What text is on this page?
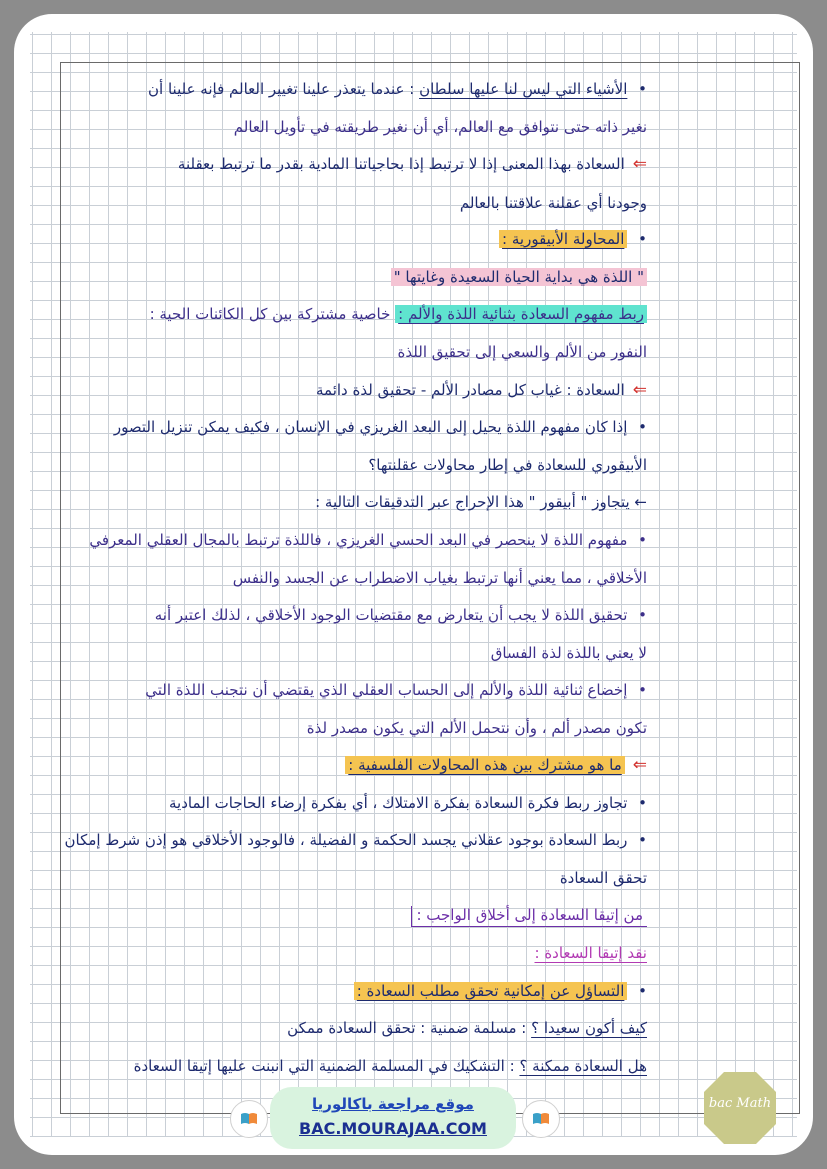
• الأشياء التي ليس لنا عليها سلطان : عندما يتعذر علينا تغيير العالم فإنه علينا أن
نغير ذاته حتى نتوافق مع العالم، أي أن نغير طريقته في تأويل العالم
⇐السعادة بهذا المعنى إذا لا ترتبط إذا بحاجياتنا المادية بقدر ما ترتبط بعقلنة
وجودنا أي عقلنة علاقتنا بالعالم
• المحاولة الأبيقورية :
" اللذة هي بداية الحياة السعيدة وغايتها "
ربط مفهوم السعادة بثنائية اللذة والألم : خاصية مشتركة بين كل الكائنات الحية :
النفور من الألم والسعي إلى تحقيق اللذة
⇐السعادة : غياب كل مصادر الألم - تحقيق لذة دائمة
• إذا كان مفهوم اللذة يحيل إلى البعد الغريزي في الإنسان ، فكيف يمكن تنزيل التصور
الأبيقوري للسعادة في إطار محاولات عقلنتها؟
← يتجاوز " أبيقور " هذا الإحراج عبر التدقيقات التالية :
• مفهوم اللذة لا ينحصر في البعد الحسي الغريزي ، فاللذة ترتبط بالمجال العقلي المعرفي
الأخلاقي ، مما يعني أنها ترتبط بغياب الاضطراب عن الجسد والنفس
• تحقيق اللذة لا يجب أن يتعارض مع مقتضيات الوجود الأخلاقي ، لذلك اعتبر أنه
لا يعني باللذة لذة الفساق
• إخضاع ثنائية اللذة والألم إلى الحساب العقلي الذي يقتضي أن نتجنب اللذة التي
تكون مصدر ألم ، وأن نتحمل الألم التي يكون مصدر لذة
⇐ما هو مشترك بين هذه المحاولات الفلسفية :
• تجاوز ربط فكرة السعادة بفكرة الامتلاك ، أي بفكرة إرضاء الحاجات المادية
• ربط السعادة بوجود عقلاني يجسد الحكمة و الفضيلة ، فالوجود الأخلاقي هو إذن شرط إمكان
تحقق السعادة
من إتيقا السعادة إلى أخلاق الواجب :
نقد إتيقا السعادة :
• التساؤل عن إمكانية تحقق مطلب السعادة :
كيف أكون سعيدا ؟ : مسلمة ضمنية : تحقق السعادة ممكن
هل السعادة ممكنة ؟ : التشكيك في المسلمة الضمنية التي انبنت عليها إتيقا السعادة
موقع مراجعة باكالوريا
BAC.MOURAJAA.COM
bac Math
